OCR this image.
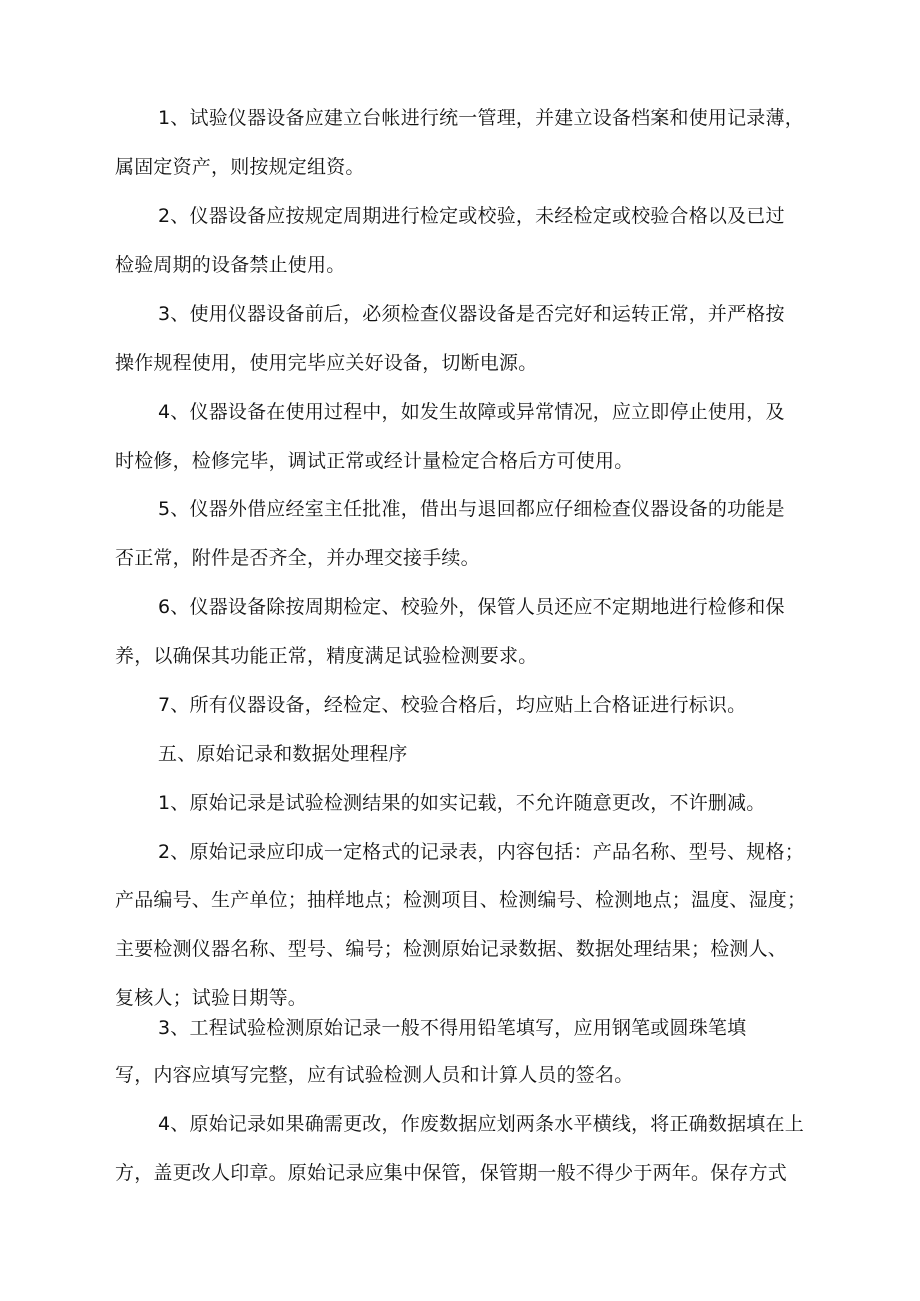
1、试验仪器设备应建立台帐进行统一管理，并建立设备档案和使用记录薄，
属固定资产，则按规定组资。
2、仪器设备应按规定周期进行检定或校验，未经检定或校验合格以及已过
检验周期的设备禁止使用。
3、使用仪器设备前后，必须检查仪器设备是否完好和运转正常，并严格按
操作规程使用，使用完毕应关好设备，切断电源。
4、仪器设备在使用过程中，如发生故障或异常情况，应立即停止使用，及
时检修，检修完毕，调试正常或经计量检定合格后方可使用。
5、仪器外借应经室主任批准，借出与退回都应仔细检查仪器设备的功能是
否正常，附件是否齐全，并办理交接手续。
6、仪器设备除按周期检定、校验外，保管人员还应不定期地进行检修和保
养，以确保其功能正常，精度满足试验检测要求。
7、所有仪器设备，经检定、校验合格后，均应贴上合格证进行标识。
五、原始记录和数据处理程序
1、原始记录是试验检测结果的如实记载，不允许随意更改，不许删减。
2、原始记录应印成一定格式的记录表，内容包括：产品名称、型号、规格；
产品编号、生产单位；抽样地点；检测项目、检测编号、检测地点；温度、湿度；
主要检测仪器名称、型号、编号；检测原始记录数据、数据处理结果；检测人、
复核人；试验日期等。
3、工程试验检测原始记录一般不得用铅笔填写，应用钢笔或圆珠笔填
写，内容应填写完整，应有试验检测人员和计算人员的签名。
4、原始记录如果确需更改，作废数据应划两条水平横线，将正确数据填在上
方，盖更改人印章。原始记录应集中保管，保管期一般不得少于两年。保存方式
